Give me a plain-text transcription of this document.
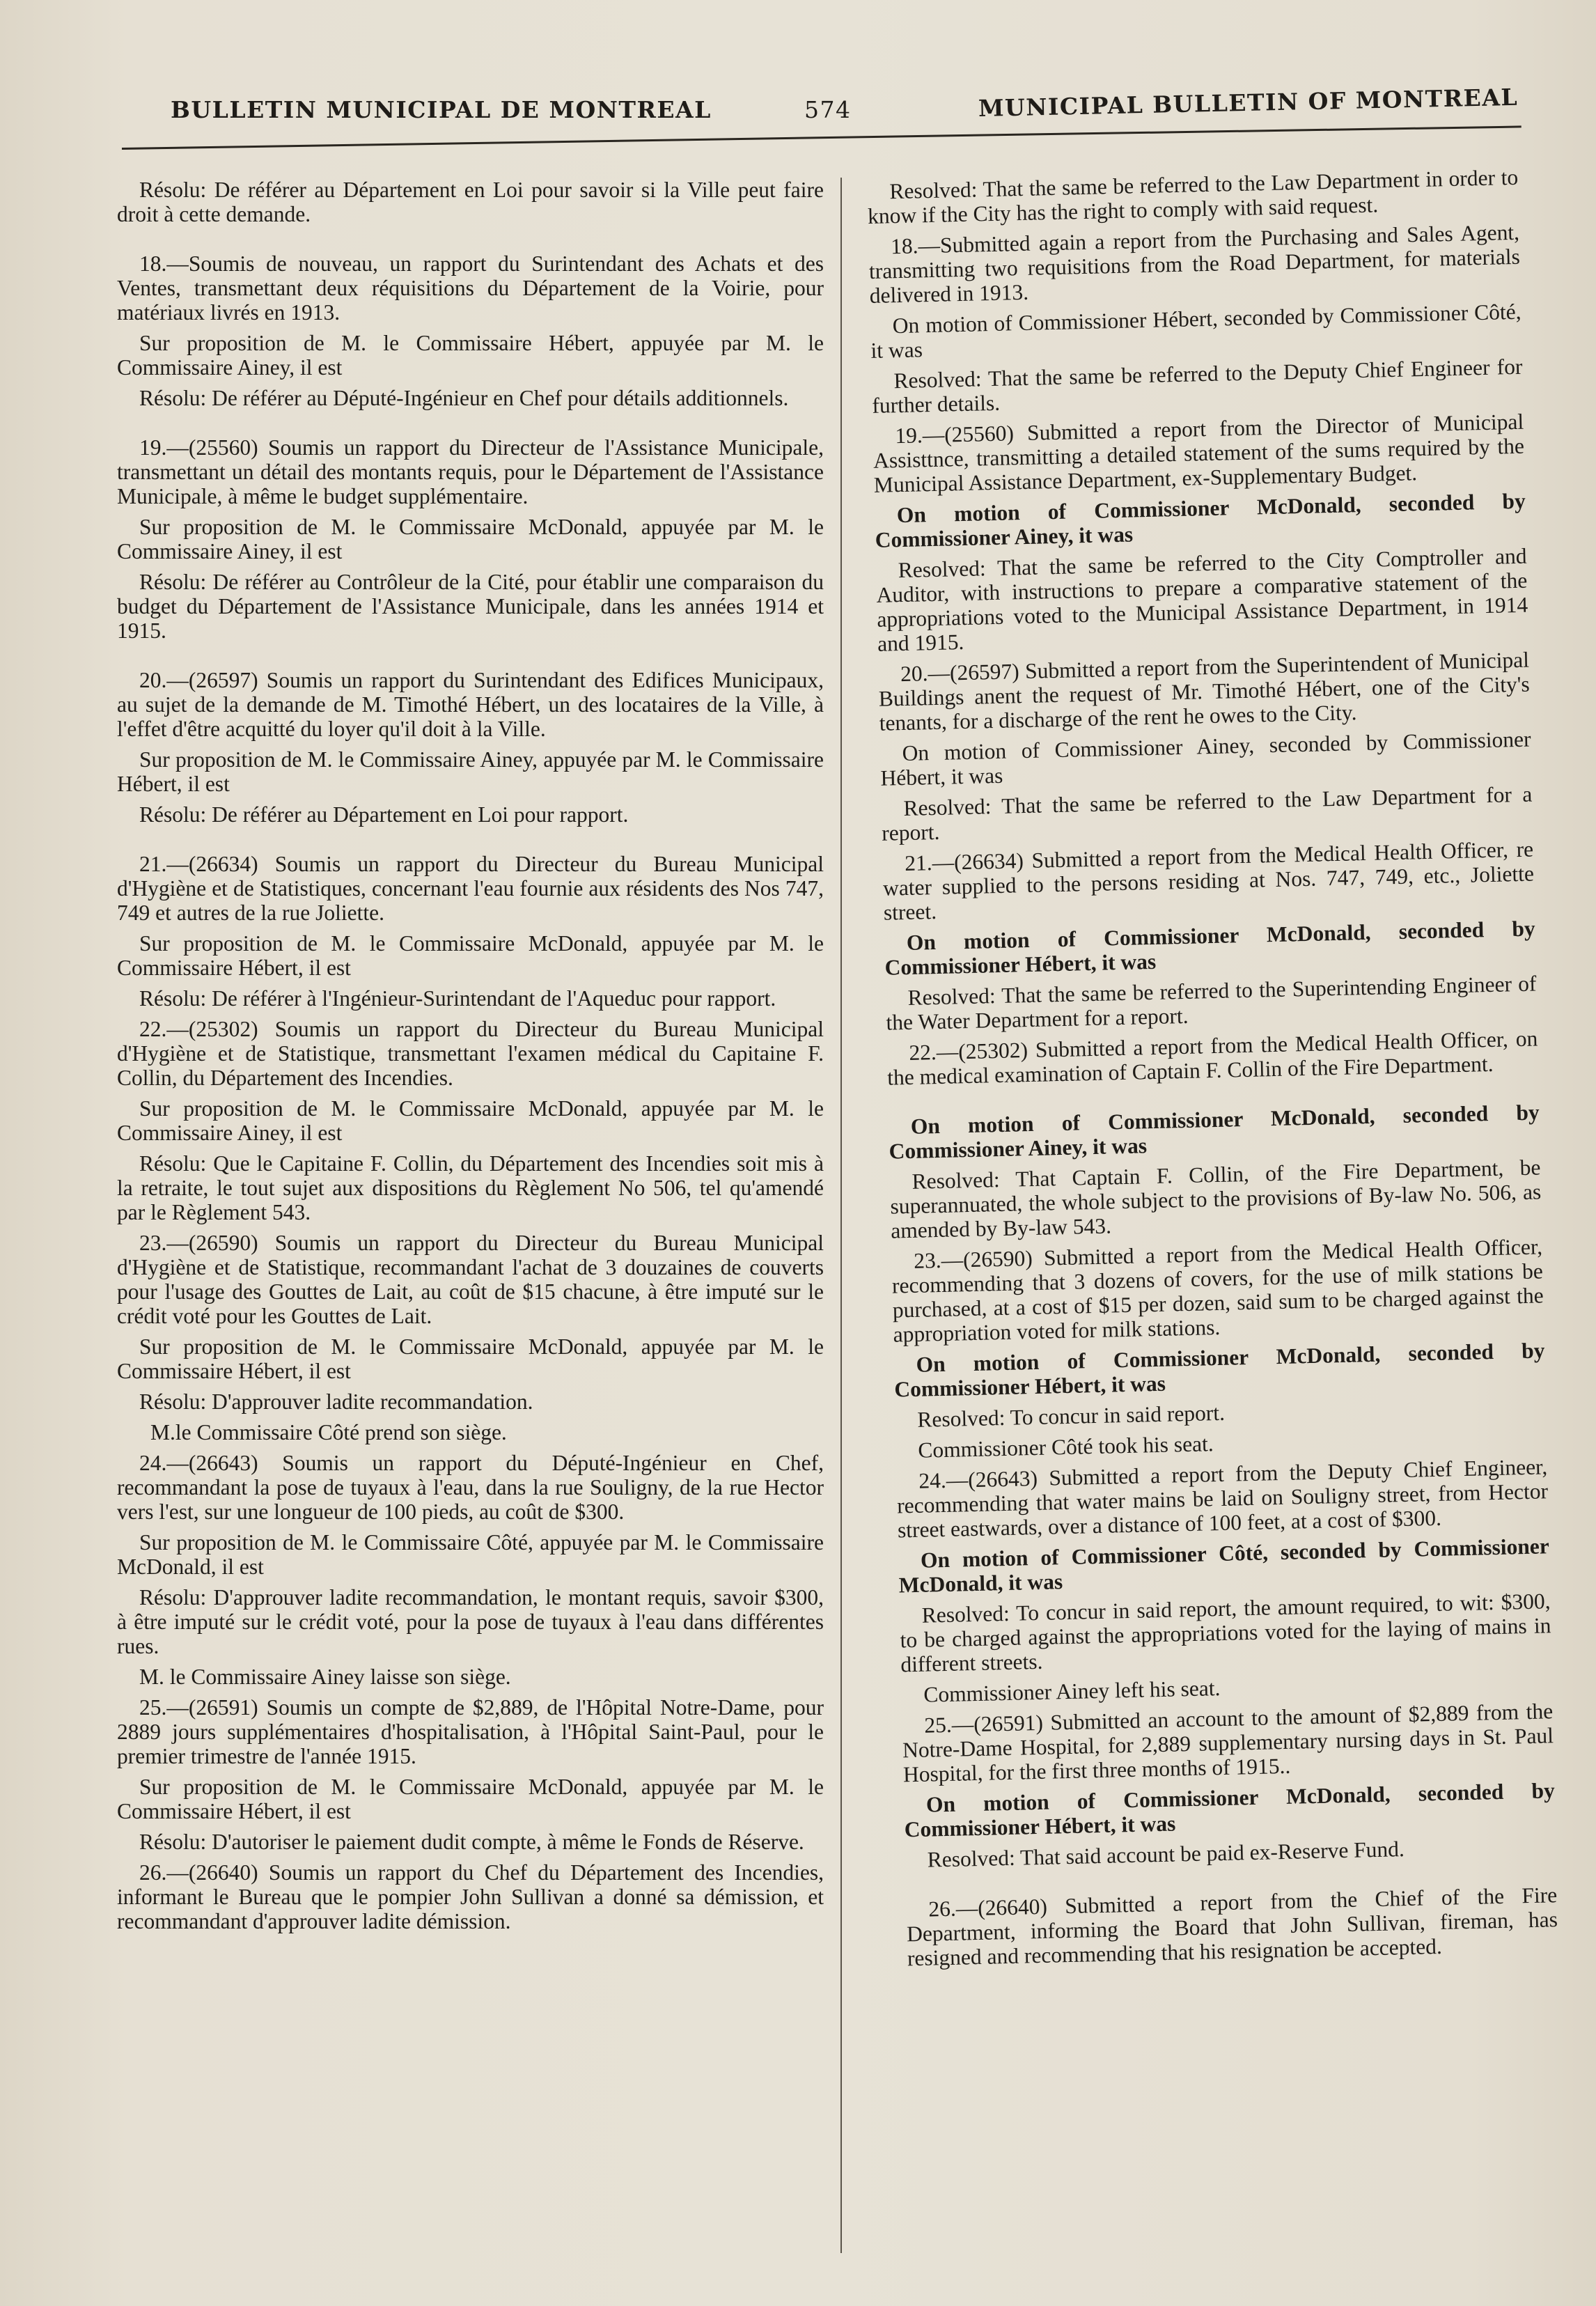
BULLETIN MUNICIPAL DE MONTREAL	574	MUNICIPAL BULLETIN OF MONTREAL

Résolu: De référer au Département en Loi pour savoir si la Ville peut faire droit à cette demande.

18.—Soumis de nouveau, un rapport du Surintendant des Achats et des Ventes, transmettant deux réquisitions du Département de la Voirie, pour matériaux livrés en 1913.

Sur proposition de M. le Commissaire Hébert, appuyée par M. le Commissaire Ainey, il est

Résolu: De référer au Député-Ingénieur en Chef pour détails additionnels.

19.—(25560) Soumis un rapport du Directeur de l'Assistance Municipale, transmettant un détail des montants requis, pour le Département de l'Assistance Municipale, à même le budget supplémentaire.

Sur proposition de M. le Commissaire McDonald, appuyée par M. le Commissaire Ainey, il est

Résolu: De référer au Contrôleur de la Cité, pour établir une comparaison du budget du Département de l'Assistance Municipale, dans les années 1914 et 1915.

20.—(26597) Soumis un rapport du Surintendant des Edifices Municipaux, au sujet de la demande de M. Timothé Hébert, un des locataires de la Ville, à l'effet d'être acquitté du loyer qu'il doit à la Ville.

Sur proposition de M. le Commissaire Ainey, appuyée par M. le Commissaire Hébert, il est

Résolu: De référer au Département en Loi pour rapport.

21.—(26634) Soumis un rapport du Directeur du Bureau Municipal d'Hygiène et de Statistiques, concernant l'eau fournie aux résidents des Nos 747, 749 et autres de la rue Joliette.

Sur proposition de M. le Commissaire McDonald, appuyée par M. le Commissaire Hébert, il est

Résolu: De référer à l'Ingénieur-Surintendant de l'Aqueduc pour rapport.

22.—(25302) Soumis un rapport du Directeur du Bureau Municipal d'Hygiène et de Statistique, transmettant l'examen médical du Capitaine F. Collin, du Département des Incendies.

Sur proposition de M. le Commissaire McDonald, appuyée par M. le Commissaire Ainey, il est

Résolu: Que le Capitaine F. Collin, du Département des Incendies soit mis à la retraite, le tout sujet aux dispositions du Règlement No 506, tel qu'amendé par le Règlement 543.

23.—(26590) Soumis un rapport du Directeur du Bureau Municipal d'Hygiène et de Statistique, recommandant l'achat de 3 douzaines de couverts pour l'usage des Gouttes de Lait, au coût de $15 chacune, à être imputé sur le crédit voté pour les Gouttes de Lait.

Sur proposition de M. le Commissaire McDonald, appuyée par M. le Commissaire Hébert, il est

Résolu: D'approuver ladite recommandation.

M.le Commissaire Côté prend son siège.

24.—(26643) Soumis un rapport du Député-Ingénieur en Chef, recommandant la pose de tuyaux à l'eau, dans la rue Souligny, de la rue Hector vers l'est, sur une longueur de 100 pieds, au coût de $300.

Sur proposition de M. le Commissaire Côté, appuyée par M. le Commissaire McDonald, il est

Résolu: D'approuver ladite recommandation, le montant requis, savoir $300, à être imputé sur le crédit voté, pour la pose de tuyaux à l'eau dans différentes rues.

M. le Commissaire Ainey laisse son siège.

25.—(26591) Soumis un compte de $2,889, de l'Hôpital Notre-Dame, pour 2889 jours supplémentaires d'hospitalisation, à l'Hôpital Saint-Paul, pour le premier trimestre de l'année 1915.

Sur proposition de M. le Commissaire McDonald, appuyée par M. le Commissaire Hébert, il est

Résolu: D'autoriser le paiement dudit compte, à même le Fonds de Réserve.

26.—(26640) Soumis un rapport du Chef du Département des Incendies, informant le Bureau que le pompier John Sullivan a donné sa démission, et recommandant d'approuver ladite démission.

Resolved: That the same be referred to the Law Department in order to know if the City has the right to comply with said request.

18.—Submitted again a report from the Purchasing and Sales Agent, transmitting two requisitions from the Road Department, for materials delivered in 1913.

On motion of Commissioner Hébert, seconded by Commissioner Côté, it was

Resolved: That the same be referred to the Deputy Chief Engineer for further details.

19.—(25560) Submitted a report from the Director of Municipal Assisttnce, transmitting a detailed statement of the sums required by the Municipal Assistance Department, ex-Supplementary Budget.

On motion of Commissioner McDonald, seconded by Commissioner Ainey, it was

Resolved: That the same be referred to the City Comptroller and Auditor, with instructions to prepare a comparative statement of the appropriations voted to the Municipal Assistance Department, in 1914 and 1915.

20.—(26597) Submitted a report from the Superintendent of Municipal Buildings anent the request of Mr. Timothé Hébert, one of the City's tenants, for a discharge of the rent he owes to the City.

On motion of Commissioner Ainey, seconded by Commissioner Hébert, it was

Resolved: That the same be referred to the Law Department for a report.

21.—(26634) Submitted a report from the Medical Health Officer, re water supplied to the persons residing at Nos. 747, 749, etc., Joliette street.

On motion of Commissioner McDonald, seconded by Commissioner Hébert, it was

Resolved: That the same be referred to the Superintending Engineer of the Water Department for a report.

22.—(25302) Submitted a report from the Medical Health Officer, on the medical examination of Captain F. Collin of the Fire Department.

On motion of Commissioner McDonald, seconded by Commissioner Ainey, it was

Resolved: That Captain F. Collin, of the Fire Department, be superannuated, the whole subject to the provisions of By-law No. 506, as amended by By-law 543.

23.—(26590) Submitted a report from the Medical Health Officer, recommending that 3 dozens of covers, for the use of milk stations be purchased, at a cost of $15 per dozen, said sum to be charged against the appropriation voted for milk stations.

On motion of Commissioner McDonald, seconded by Commissioner Hébert, it was

Resolved: To concur in said report.

Commissioner Côté took his seat.

24.—(26643) Submitted a report from the Deputy Chief Engineer, recommending that water mains be laid on Souligny street, from Hector street eastwards, over a distance of 100 feet, at a cost of $300.

On motion of Commissioner Côté, seconded by Commissioner McDonald, it was

Resolved: To concur in said report, the amount required, to wit: $300, to be charged against the appropriations voted for the laying of mains in different streets.

Commissioner Ainey left his seat.

25.—(26591) Submitted an account to the amount of $2,889 from the Notre-Dame Hospital, for 2,889 supplementary nursing days in St. Paul Hospital, for the first three months of 1915..

On motion of Commissioner McDonald, seconded by Commissioner Hébert, it was

Resolved: That said account be paid ex-Reserve Fund.

26.—(26640) Submitted a report from the Chief of the Fire Department, informing the Board that John Sullivan, fireman, has resigned and recommending that his resignation be accepted.
